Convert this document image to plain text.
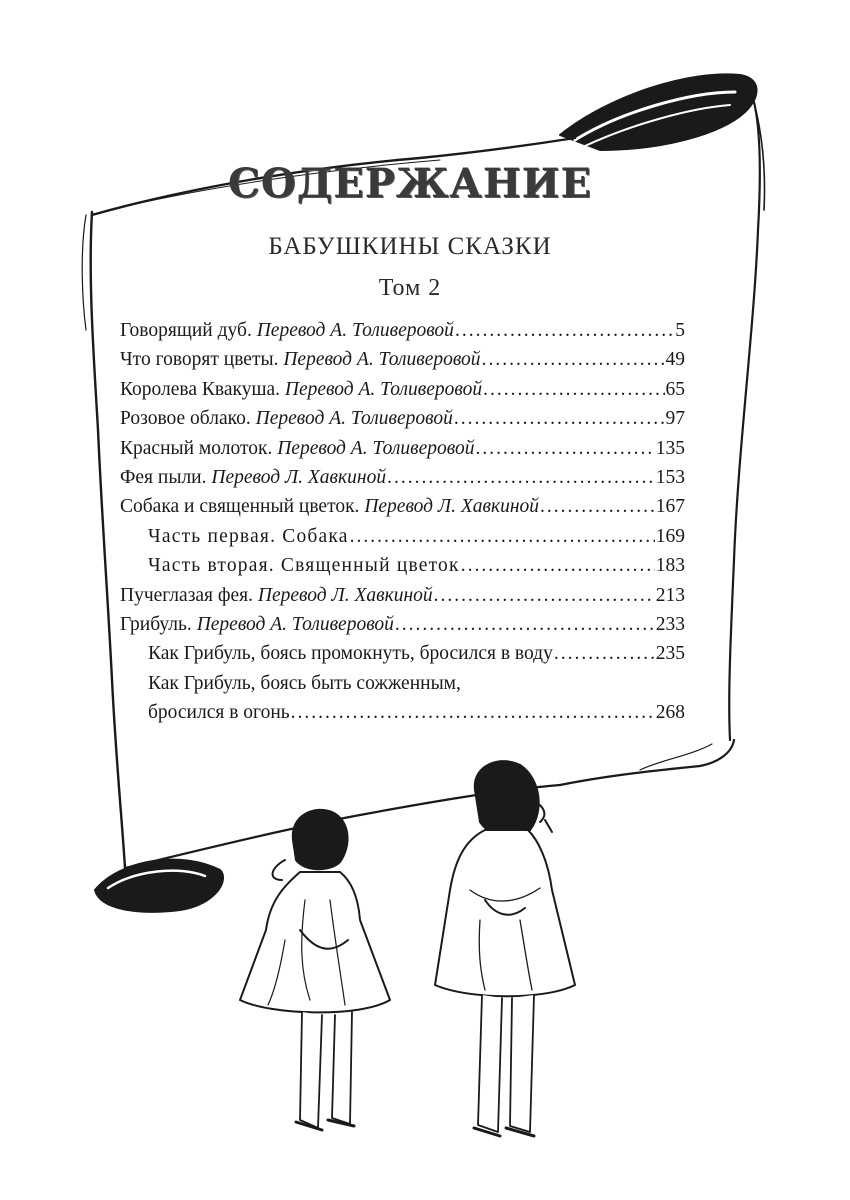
СОДЕРЖАНИЕ
БАБУШКИНЫ СКАЗКИ
Том 2
Говорящий дуб. Перевод А. Толиверовой .....	5
Что говорят цветы. Перевод А. Толиверовой .....	49
Королева Квакуша. Перевод А. Толиверовой .....	65
Розовое облако. Перевод А. Толиверовой .....	97
Красный молоток. Перевод А. Толиверовой .....	135
Фея пыли. Перевод Л. Хавкиной .....	153
Собака и священный цветок. Перевод Л. Хавкиной .....	167
Часть первая. Собака .....	169
Часть вторая. Священный цветок .....	183
Пучеглазая фея. Перевод Л. Хавкиной .....	213
Грибуль. Перевод А. Толиверовой .....	233
Как Грибуль, боясь промокнуть, бросился в воду .....	235
Как Грибуль, боясь быть сожженным,
бросился в огонь .....	268
